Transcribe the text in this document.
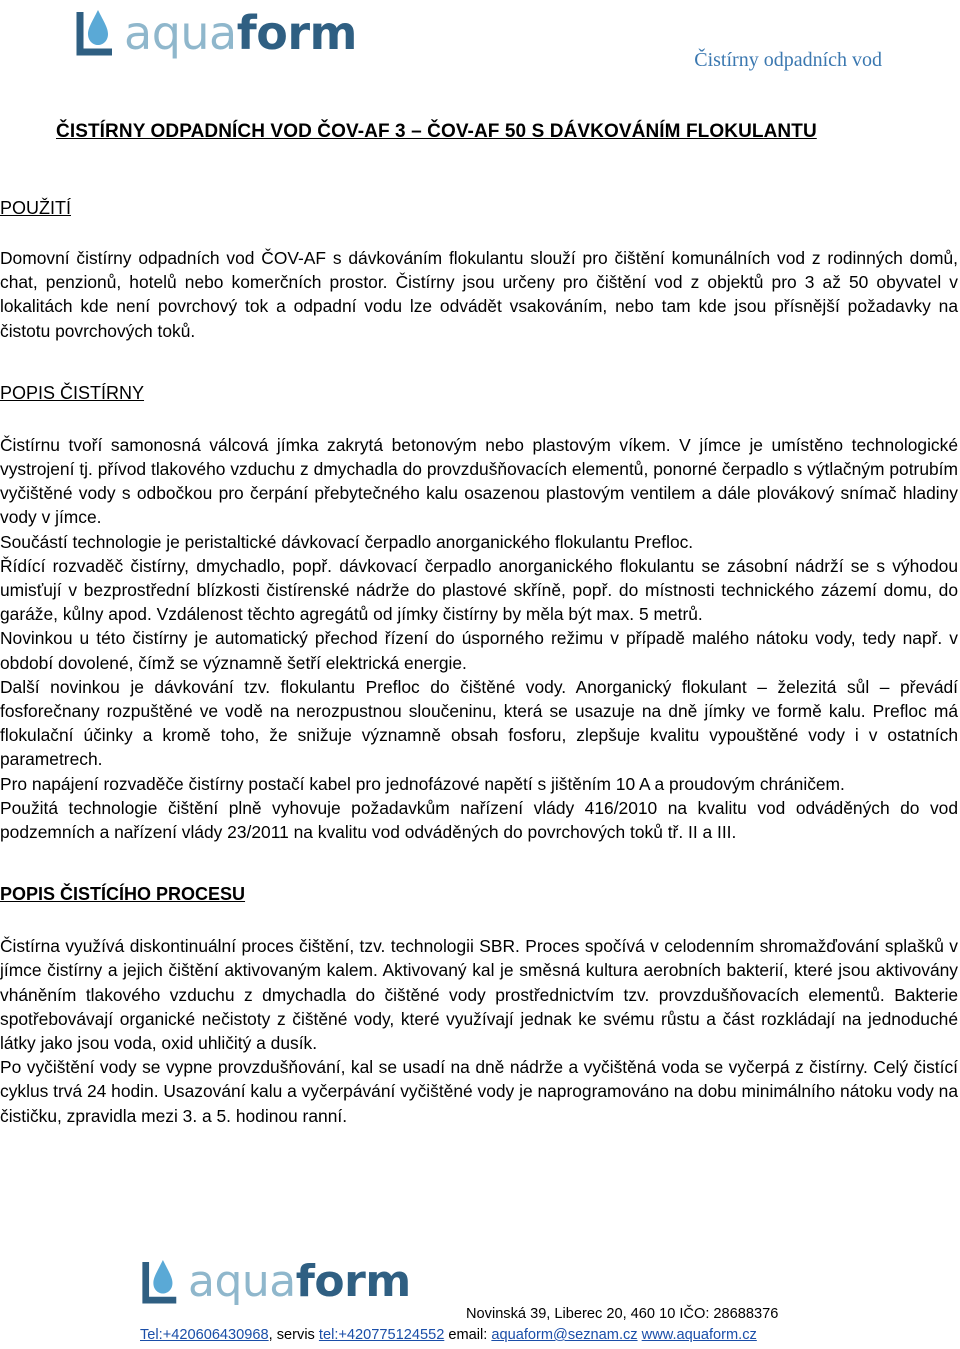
aquaform	Čistírny odpadních vod
ČISTÍRNY ODPADNÍCH VOD ČOV-AF 3 – ČOV-AF 50 S DÁVKOVÁNÍM FLOKULANTU
POUŽITÍ

Domovní čistírny odpadních vod ČOV-AF s dávkováním flokulantu slouží pro čištění komunálních vod z rodinných domů, chat, penzionů, hotelů nebo komerčních prostor. Čistírny jsou určeny pro čištění vod z objektů pro 3 až 50 obyvatel v lokalitách kde není povrchový tok a odpadní vodu lze odvádět vsakováním, nebo tam kde jsou přísnější požadavky na čistotu povrchových toků.

POPIS ČISTÍRNY

Čistírnu tvoří samonosná válcová jímka zakrytá betonovým nebo plastovým víkem. V jímce je umístěno technologické vystrojení tj. přívod tlakového vzduchu z dmychadla do provzdušňovacích elementů, ponorné čerpadlo s výtlačným potrubím vyčištěné vody s odbočkou pro čerpání přebytečného kalu osazenou plastovým ventilem a dále plovákový snímač hladiny vody v jímce.

Součástí technologie je peristaltické dávkovací čerpadlo anorganického flokulantu Prefloc.

Řídící rozvaděč čistírny, dmychadlo, popř. dávkovací čerpadlo anorganického flokulantu se zásobní nádrží se s výhodou umisťují v bezprostřední blízkosti čistírenské nádrže do plastové skříně, popř. do místnosti technického zázemí domu, do garáže, kůlny apod. Vzdálenost těchto agregátů od jímky čistírny by měla být max. 5 metrů.

Novinkou u této čistírny je automatický přechod řízení do úsporného režimu v případě malého nátoku vody, tedy např. v období dovolené, čímž se významně šetří elektrická energie.

Další novinkou je dávkování tzv. flokulantu Prefloc do čištěné vody. Anorganický flokulant – železitá sůl – převádí fosforečnany rozpuštěné ve vodě na nerozpustnou sloučeninu, která se usazuje na dně jímky ve formě kalu. Prefloc má flokulační účinky a kromě toho, že snižuje významně obsah fosforu, zlepšuje kvalitu vypouštěné vody i v ostatních parametrech.

Pro napájení rozvaděče čistírny postačí kabel pro jednofázové napětí s jištěním 10 A a proudovým chráničem.

Použitá technologie čištění plně vyhovuje požadavkům nařízení vlády 416/2010 na kvalitu vod odváděných do vod podzemních a nařízení vlády 23/2011 na kvalitu vod odváděných do povrchových toků tř. II a III.

POPIS ČISTÍCÍHO PROCESU

Čistírna využívá diskontinuální proces čištění, tzv. technologii SBR. Proces spočívá v celodenním shromažďování splašků v jímce čistírny a jejich čištění aktivovaným kalem. Aktivovaný kal je směsná kultura aerobních bakterií, které jsou aktivovány vháněním tlakového vzduchu z dmychadla do čištěné vody prostřednictvím tzv. provzdušňovacích elementů. Bakterie spotřebovávají organické nečistoty z čištěné vody, které využívají jednak ke svému růstu a část rozkládají na jednoduché látky jako jsou voda, oxid uhličitý a dusík.

Po vyčištění vody se vypne provzdušňování, kal se usadí na dně nádrže a vyčištěná voda se vyčerpá z čistírny. Celý čistící cyklus trvá 24 hodin. Usazování kalu a vyčerpávání vyčištěné vody je naprogramováno na dobu minimálního nátoku vody na čističku, zpravidla mezi 3. a 5. hodinou ranní.

aquaform
Novinská 39, Liberec 20, 460 10 IČO: 28688376
Tel:+420606430968, servis tel:+420775124552 email: aquaform@seznam.cz www.aquaform.cz
